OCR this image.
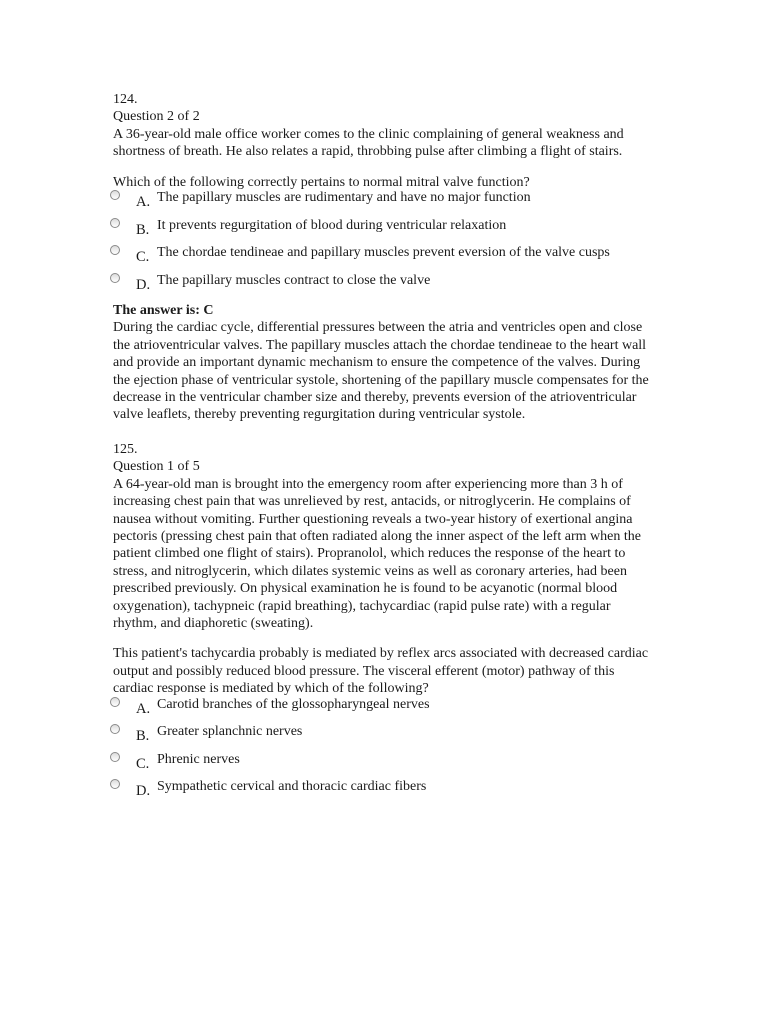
124.

Question 2 of 2

A 36-year-old male office worker comes to the clinic complaining of general weakness and shortness of breath. He also relates a rapid, throbbing pulse after climbing a flight of stairs.

Which of the following correctly pertains to normal mitral valve function?

A. The papillary muscles are rudimentary and have no major function
B. It prevents regurgitation of blood during ventricular relaxation
C. The chordae tendineae and papillary muscles prevent eversion of the valve cusps
D. The papillary muscles contract to close the valve

The answer is: C

During the cardiac cycle, differential pressures between the atria and ventricles open and close the atrioventricular valves. The papillary muscles attach the chordae tendineae to the heart wall and provide an important dynamic mechanism to ensure the competence of the valves. During the ejection phase of ventricular systole, shortening of the papillary muscle compensates for the decrease in the ventricular chamber size and thereby, prevents eversion of the atrioventricular valve leaflets, thereby preventing regurgitation during ventricular systole.

125.

Question 1 of 5

A 64-year-old man is brought into the emergency room after experiencing more than 3 h of increasing chest pain that was unrelieved by rest, antacids, or nitroglycerin. He complains of nausea without vomiting. Further questioning reveals a two-year history of exertional angina pectoris (pressing chest pain that often radiated along the inner aspect of the left arm when the patient climbed one flight of stairs). Propranolol, which reduces the response of the heart to stress, and nitroglycerin, which dilates systemic veins as well as coronary arteries, had been prescribed previously. On physical examination he is found to be acyanotic (normal blood oxygenation), tachypneic (rapid breathing), tachycardiac (rapid pulse rate) with a regular rhythm, and diaphoretic (sweating).

This patient's tachycardia probably is mediated by reflex arcs associated with decreased cardiac output and possibly reduced blood pressure. The visceral efferent (motor) pathway of this cardiac response is mediated by which of the following?

A. Carotid branches of the glossopharyngeal nerves
B. Greater splanchnic nerves
C. Phrenic nerves
D. Sympathetic cervical and thoracic cardiac fibers
